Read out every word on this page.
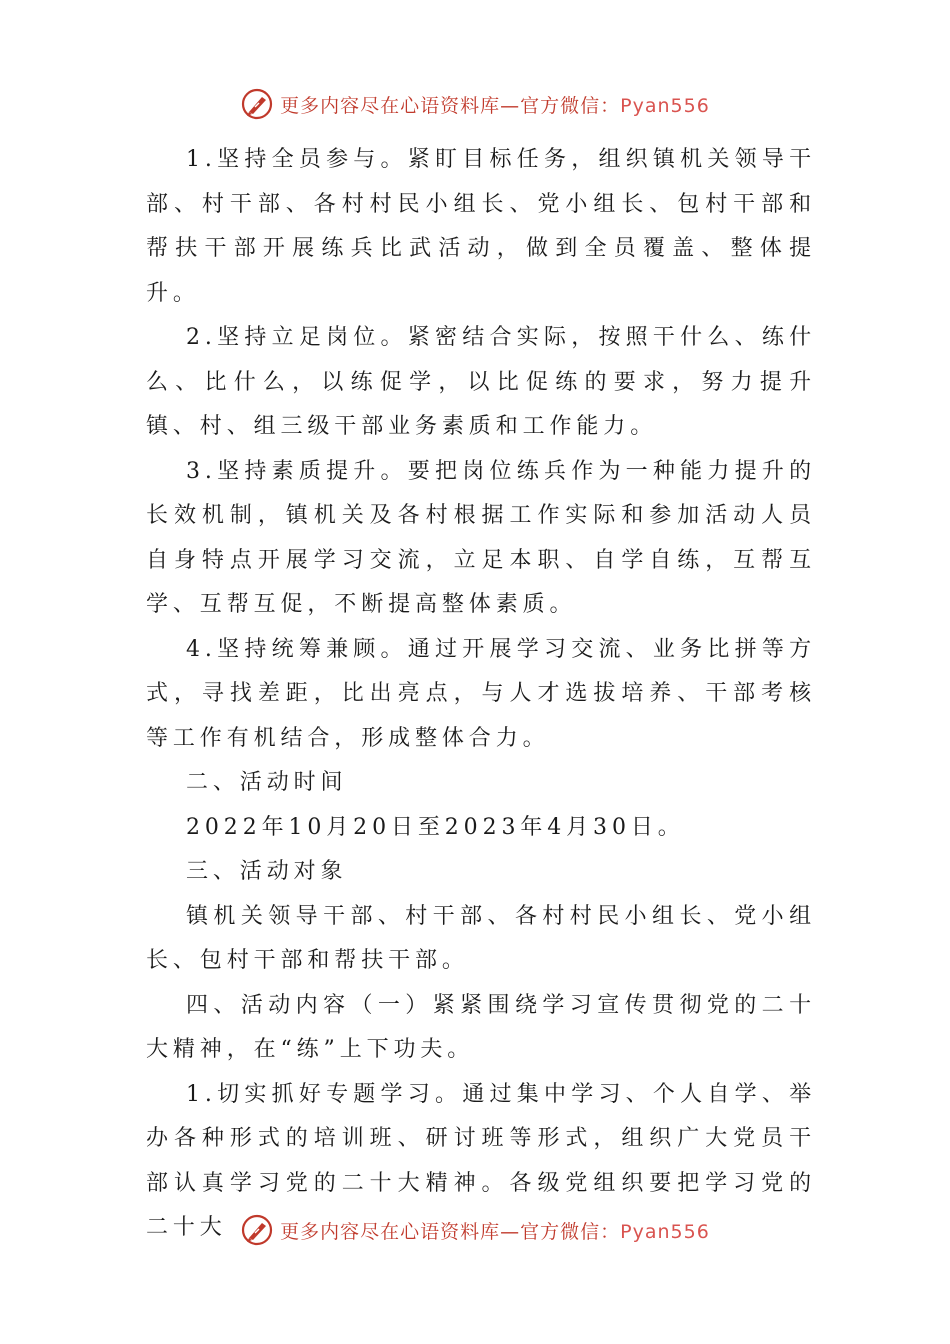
更多内容尽在心语资料库—官方微信：Pyan556

1.坚持全员参与。紧盯目标任务，组织镇机关领导干部、村干部、各村村民小组长、党小组长、包村干部和帮扶干部开展练兵比武活动，做到全员覆盖、整体提升。

2.坚持立足岗位。紧密结合实际，按照干什么、练什么、比什么，以练促学，以比促练的要求，努力提升镇、村、组三级干部业务素质和工作能力。

3.坚持素质提升。要把岗位练兵作为一种能力提升的长效机制，镇机关及各村根据工作实际和参加活动人员自身特点开展学习交流，立足本职、自学自练，互帮互学、互帮互促，不断提高整体素质。

4.坚持统筹兼顾。通过开展学习交流、业务比拼等方式，寻找差距，比出亮点，与人才选拔培养、干部考核等工作有机结合，形成整体合力。

二、活动时间

2022年10月20日至2023年4月30日。

三、活动对象

镇机关领导干部、村干部、各村村民小组长、党小组长、包村干部和帮扶干部。

四、活动内容（一）紧紧围绕学习宣传贯彻党的二十大精神，在“练”上下功夫。

1.切实抓好专题学习。通过集中学习、个人自学、举办各种形式的培训班、研讨班等形式，组织广大党员干部认真学习党的二十大精神。各级党组织要把学习党的二十大	更多内容尽在心语资料库—官方微信：Pyan556
